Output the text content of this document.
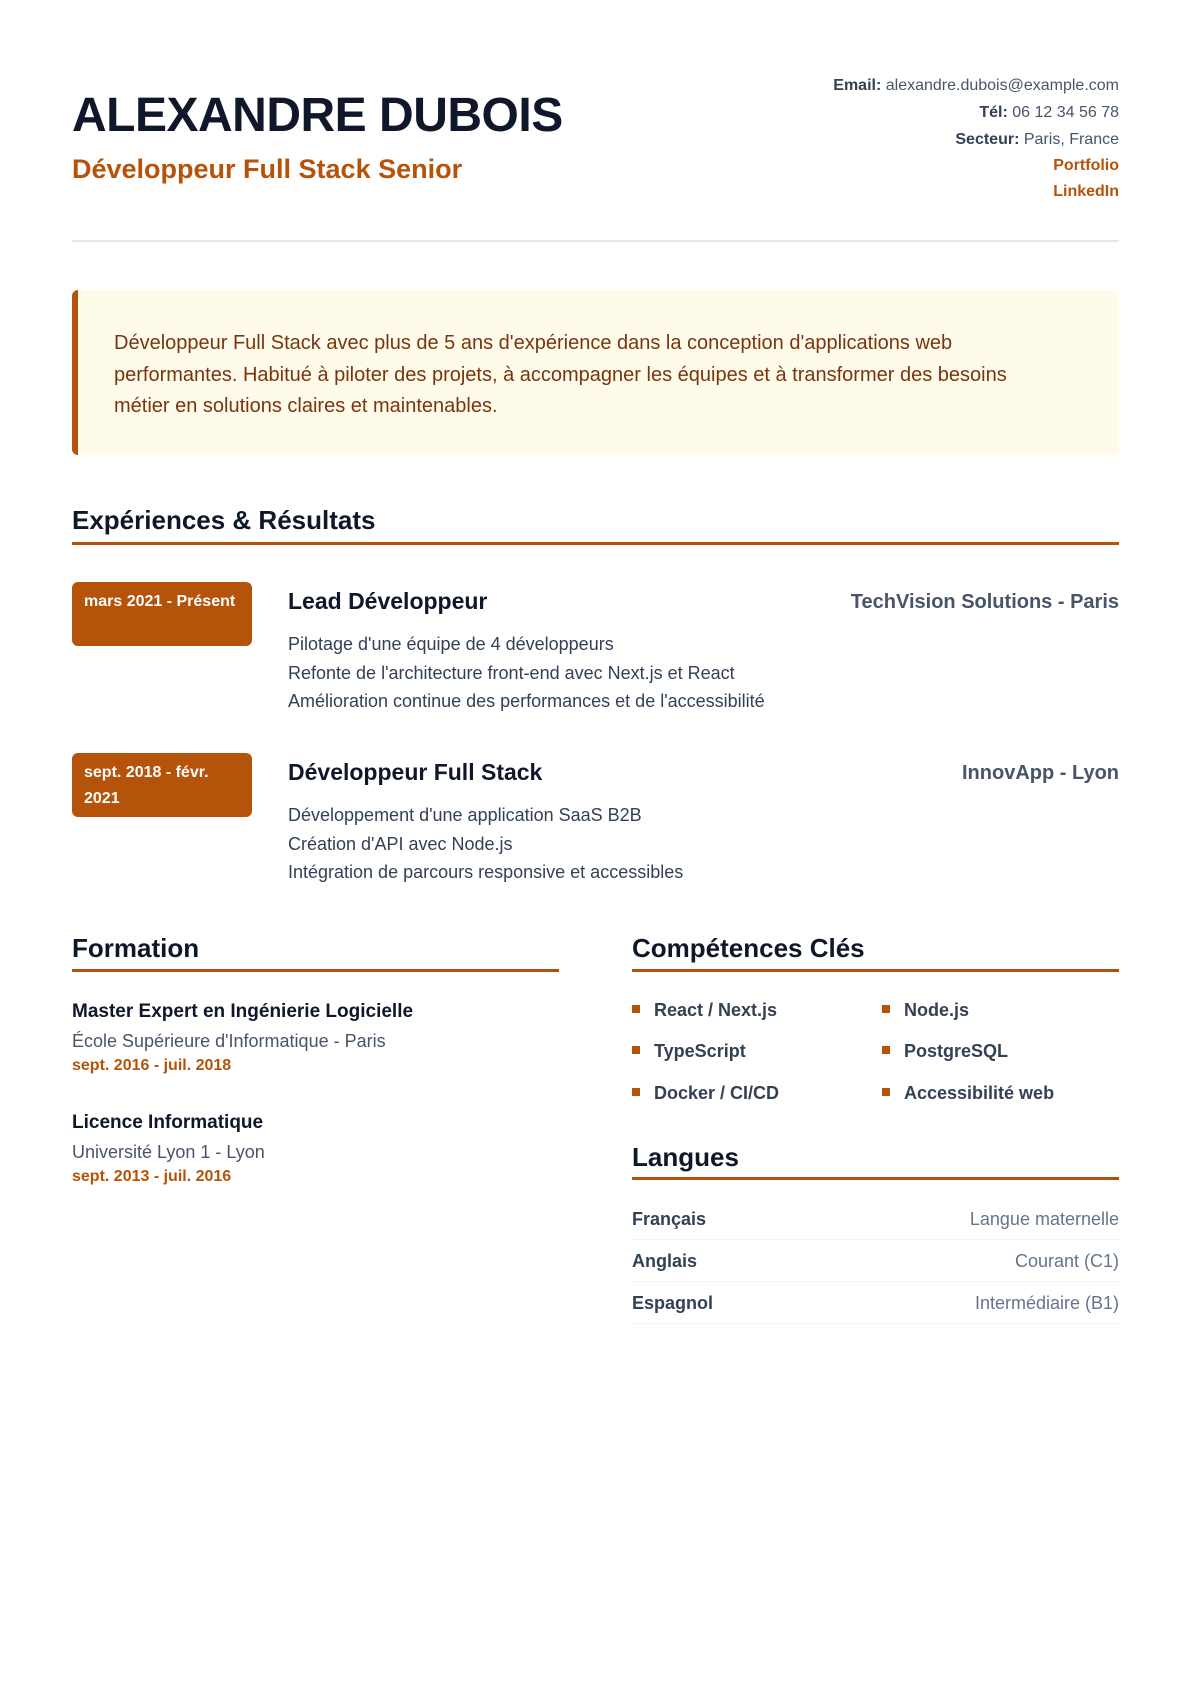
ALEXANDRE DUBOIS
Développeur Full Stack Senior
Email: alexandre.dubois@example.com
Tél: 06 12 34 56 78
Secteur: Paris, France
Portfolio
LinkedIn
Développeur Full Stack avec plus de 5 ans d'expérience dans la conception d'applications web performantes. Habitué à piloter des projets, à accompagner les équipes et à transformer des besoins métier en solutions claires et maintenables.
Expériences & Résultats
mars 2021 - Présent	Lead Développeur	TechVision Solutions - Paris
Pilotage d'une équipe de 4 développeurs
Refonte de l'architecture front-end avec Next.js et React
Amélioration continue des performances et de l'accessibilité
sept. 2018 - févr. 2021
Développeur Full Stack	InnovApp - Lyon
Développement d'une application SaaS B2B
Création d'API avec Node.js
Intégration de parcours responsive et accessibles
Formation
Master Expert en Ingénierie Logicielle
École Supérieure d'Informatique - Paris
sept. 2016 - juil. 2018
Licence Informatique
Université Lyon 1 - Lyon
sept. 2013 - juil. 2016
Compétences Clés
React / Next.js	Node.js
TypeScript	PostgreSQL
Docker / CI/CD	Accessibilité web
Langues
Français	Langue maternelle
Anglais	Courant (C1)
Espagnol	Intermédiaire (B1)
